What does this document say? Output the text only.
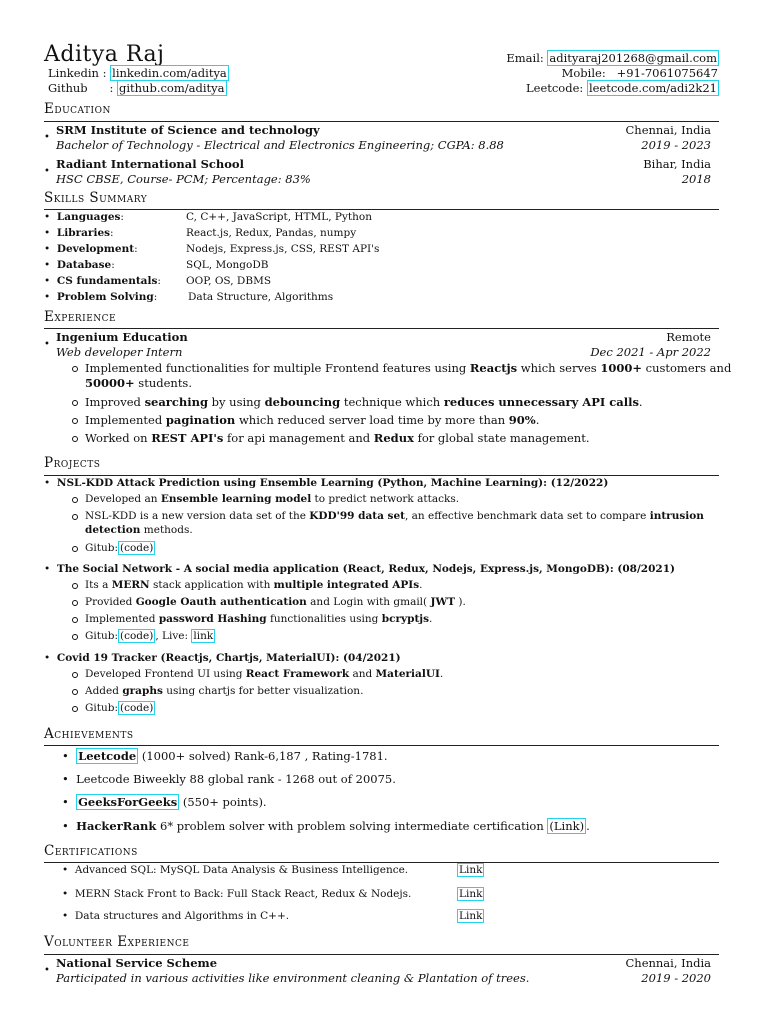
Aditya Raj
Linkedin : linkedin.com/aditya
Github : github.com/aditya
Email: adityaraj201268@gmail.com
Mobile: +91-7061075647
Leetcode: leetcode.com/adi2k21
Education
•
SRM Institute of Science and technology	Chennai, India
Bachelor of Technology - Electrical and Electronics Engineering; CGPA: 8.88	2019 - 2023
•
Radiant International School	Bihar, India
HSC CBSE, Course- PCM; Percentage: 83%	2018
Skills Summary
•  Languages:	C, C++, JavaScript, HTML, Python
•  Libraries:	React.js, Redux, Pandas, numpy
•  Development:	Nodejs, Express.js, CSS, REST API's
•  Database:	SQL, MongoDB
•  CS fundamentals: OOP, OS, DBMS
•  Problem Solving:	Data Structure, Algorithms
Experience
•
Ingenium Education	Remote
Web developer Intern	Dec 2021 - Apr 2022
Implemented functionalities for multiple Frontend features using Reactjs which serves 1000+ customers and
50000+ students.
Improved searching by using debouncing technique which reduces unnecessary API calls.
Implemented pagination which reduced server load time by more than 90%.
Worked on REST API's for api management and Redux for global state management.
Projects
•  NSL-KDD Attack Prediction using Ensemble Learning (Python, Machine Learning): (12/2022)
Developed an Ensemble learning model to predict network attacks.
NSL-KDD is a new version data set of the KDD'99 data set, an effective benchmark data set to compare intrusion
detection methods.
Gitub: (code)
•  The Social Network - A social media application (React, Redux, Nodejs, Express.js, MongoDB): (08/2021)
Its a MERN stack application with multiple integrated APIs.
Provided Google Oauth authentication and Login with gmail( JWT ).
Implemented password Hashing functionalities using bcryptjs.
Gitub: (code) , Live: link
•  Covid 19 Tracker (Reactjs, Chartjs, MaterialUI): (04/2021)
Developed Frontend UI using React Framework and MaterialUI.
Added graphs using chartjs for better visualization.
Gitub: (code)
Achievements
•  Leetcode (1000+ solved) Rank-6,187 , Rating-1781.
•  Leetcode Biweekly 88 global rank - 1268 out of 20075.
•  GeeksForGeeks (550+ points).
•  HackerRank 6* problem solver with problem solving intermediate certification (Link) .
Certifications
•  Advanced SQL: MySQL Data Analysis & Business Intelligence.	Link
•  MERN Stack Front to Back: Full Stack React, Redux & Nodejs.	Link
•  Data structures and Algorithms in C++.	Link
Volunteer Experience
•
National Service Scheme	Chennai, India
Participated in various activities like environment cleaning & Plantation of trees.	2019 - 2020
